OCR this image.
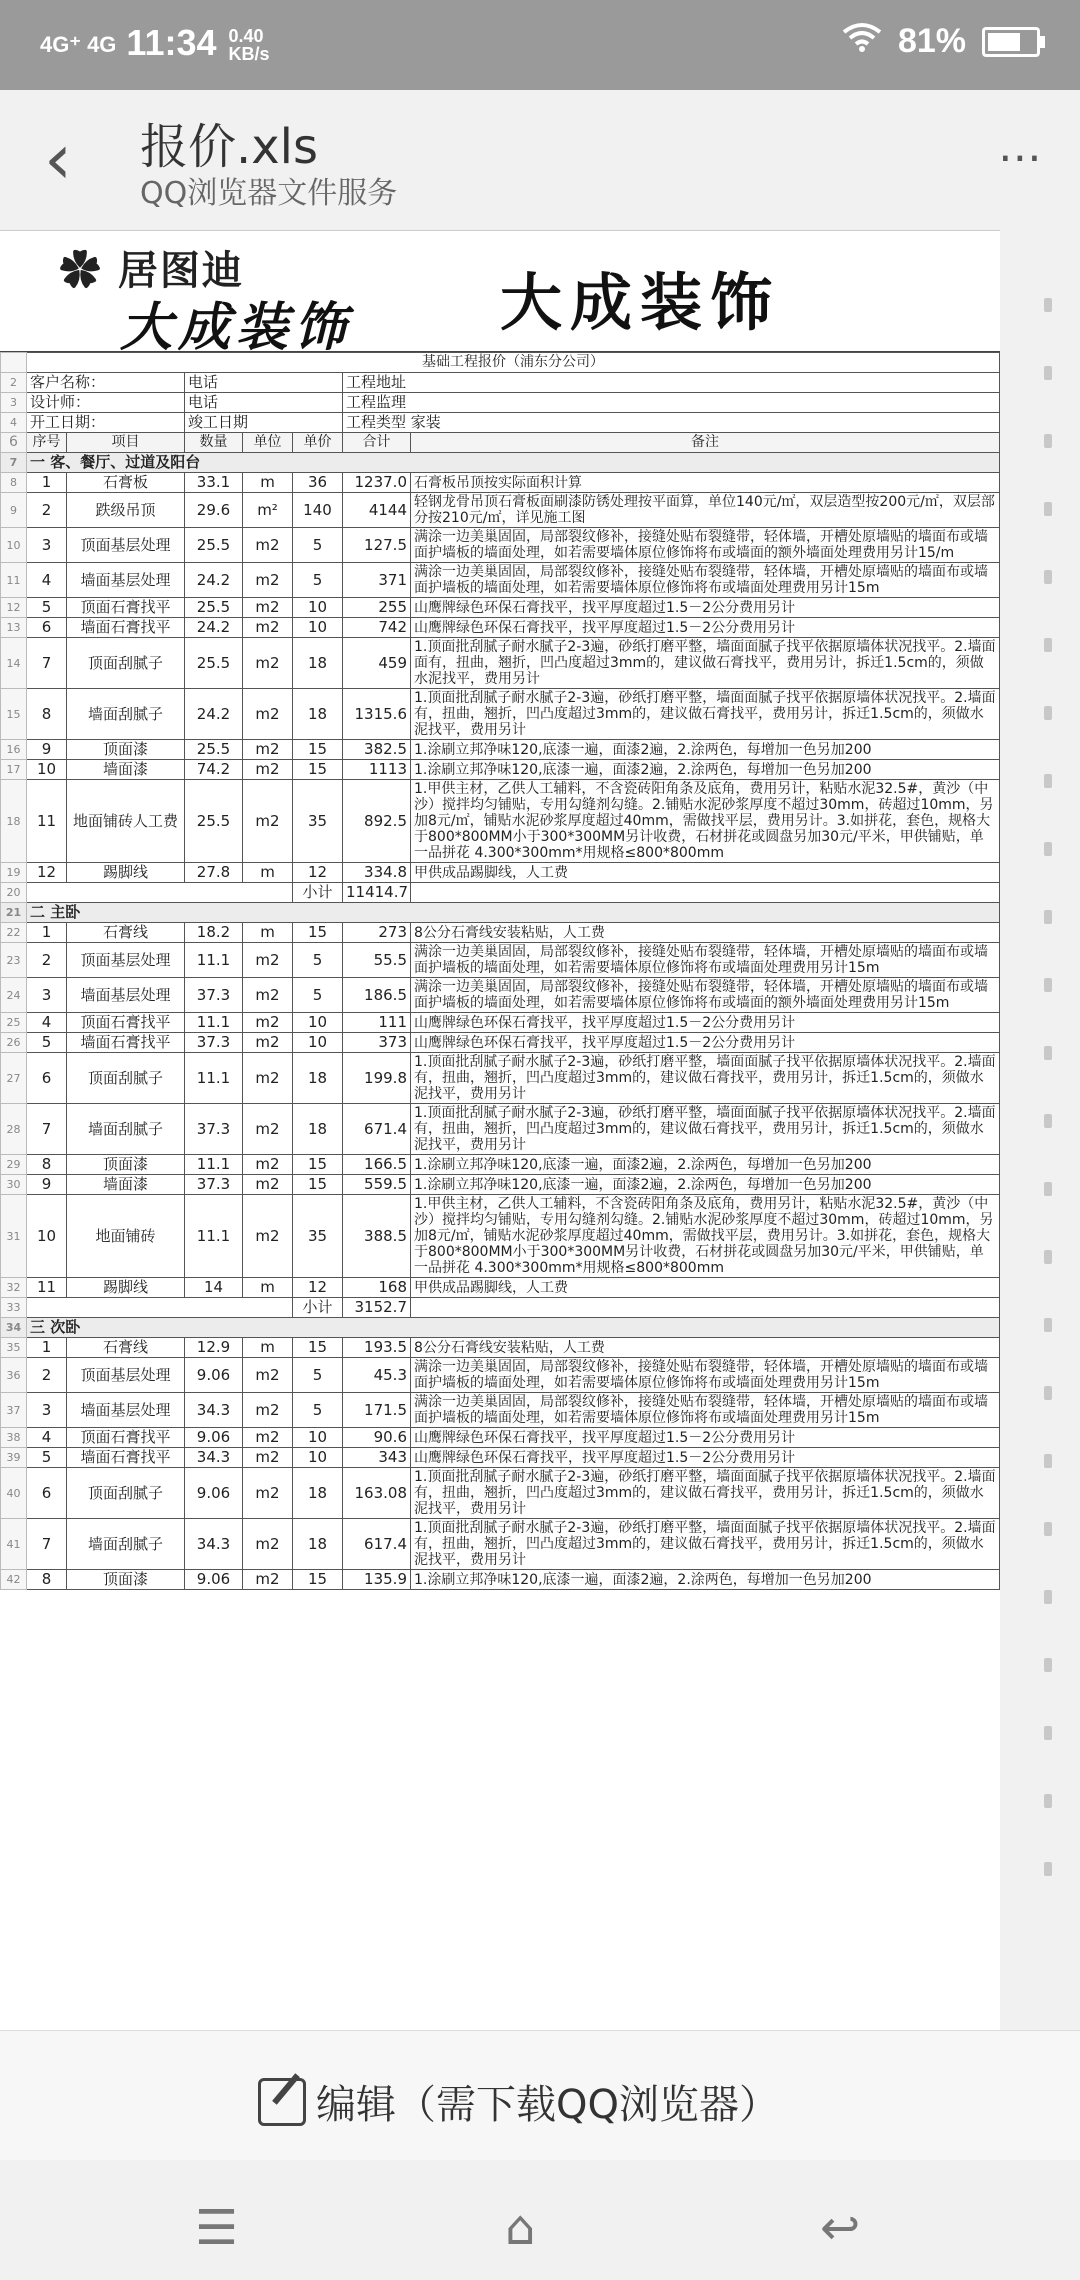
4G⁺ 4G 11:34 0.40
KB/s	81%
‹	报价.xls
QQ浏览器文件服务
⋯
✿ 居图迪
大成装饰 大成装饰
	基础工程报价（浦东分公司）						
2	客户名称：		电话			工程地址	
3	设计师：		电话			工程监理	
4	开工日期：		竣工日期			工程类型 家装	
6	序号	项目	数量	单位	单价	合计	备注
7	一 客、餐厅、过道及阳台						
8	1	石膏板	33.1	m	36	1237.0	石膏板吊顶按实际面积计算
9	2	跌级吊顶	29.6	m²	140	4144	轻钢龙骨吊顶石膏板面刷漆防锈处理按平面算，单位140元/㎡，双层造型按200元/㎡，双层部分按210元/㎡，详见施工图
10	3	顶面基层处理	25.5	m2	5	127.5	满涂一边美巢固固，局部裂纹修补，接缝处贴布裂缝带，轻体墙，开槽处原墙贴的墙面布或墙面护墙板的墙面处理，如若需要墙体原位修饰将布或墙面的额外墙面处理费用另计15/m
11	4	墙面基层处理	24.2	m2	5	371	满涂一边美巢固固，局部裂纹修补，接缝处贴布裂缝带，轻体墙，开槽处原墙贴的墙面布或墙面护墙板的墙面处理，如若需要墙体原位修饰将布或墙面处理费用另计15m
12	5	顶面石膏找平	25.5	m2	10	255	山鹰牌绿色环保石膏找平，找平厚度超过1.5－2公分费用另计
13	6	墙面石膏找平	24.2	m2	10	742	山鹰牌绿色环保石膏找平，找平厚度超过1.5－2公分费用另计
14	7	顶面刮腻子	25.5	m2	18	459	1.顶面批刮腻子耐水腻子2-3遍，砂纸打磨平整，墙面面腻子找平依据原墙体状况找平。2.墙面面有，扭曲，翘折，凹凸度超过3mm的，建议做石膏找平，费用另计，拆迁1.5cm的，须做水泥找平，费用另计
15	8	墙面刮腻子	24.2	m2	18	1315.6	1.顶面批刮腻子耐水腻子2-3遍，砂纸打磨平整，墙面面腻子找平依据原墙体状况找平。2.墙面有，扭曲，翘折，凹凸度超过3mm的，建议做石膏找平，费用另计，拆迁1.5cm的，须做水泥找平，费用另计
16	9	顶面漆	25.5	m2	15	382.5	1.涂刷立邦净味120,底漆一遍，面漆2遍，2.涂两色，每增加一色另加200
17	10	墙面漆	74.2	m2	15	1113	1.涂刷立邦净味120,底漆一遍，面漆2遍，2.涂两色，每增加一色另加200
18	11	地面铺砖人工费	25.5	m2	35	892.5	1.甲供主材，乙供人工辅料，不含瓷砖阳角条及底角，费用另计，粘贴水泥32.5#，黄沙（中沙）搅拌均匀铺贴，专用勾缝剂勾缝。2.铺贴水泥砂浆厚度不超过30mm，砖超过10mm，另加8元/㎡，铺贴水泥砂浆厚度超过40mm，需做找平层，费用另计。3.如拼花，套色，规格大于800*800MM小于300*300MM另计收费，石材拼花或圆盘另加30元/平米，甲供铺贴，单一品拼花 4.300*300mm*用规格≤800*800mm
19	12	踢脚线	27.8	m	12	334.8	甲供成品踢脚线，人工费
20					小计	11414.7	
21	二 主卧						
22	1	石膏线	18.2	m	15	273	8公分石膏线安装粘贴，人工费
23	2	顶面基层处理	11.1	m2	5	55.5	满涂一边美巢固固，局部裂纹修补，接缝处贴布裂缝带，轻体墙，开槽处原墙贴的墙面布或墙面护墙板的墙面处理，如若需要墙体原位修饰将布或墙面处理费用另计15m
24	3	墙面基层处理	37.3	m2	5	186.5	满涂一边美巢固固，局部裂纹修补，接缝处贴布裂缝带，轻体墙，开槽处原墙贴的墙面布或墙面护墙板的墙面处理，如若需要墙体原位修饰将布或墙面的额外墙面处理费用另计15m
25	4	顶面石膏找平	11.1	m2	10	111	山鹰牌绿色环保石膏找平，找平厚度超过1.5－2公分费用另计
26	5	墙面石膏找平	37.3	m2	10	373	山鹰牌绿色环保石膏找平，找平厚度超过1.5－2公分费用另计
27	6	顶面刮腻子	11.1	m2	18	199.8	1.顶面批刮腻子耐水腻子2-3遍，砂纸打磨平整，墙面面腻子找平依据原墙体状况找平。2.墙面有，扭曲，翘折，凹凸度超过3mm的，建议做石膏找平，费用另计，拆迁1.5cm的，须做水泥找平，费用另计
28	7	墙面刮腻子	37.3	m2	18	671.4	1.顶面批刮腻子耐水腻子2-3遍，砂纸打磨平整，墙面面腻子找平依据原墙体状况找平。2.墙面有，扭曲，翘折，凹凸度超过3mm的，建议做石膏找平，费用另计，拆迁1.5cm的，须做水泥找平，费用另计
29	8	顶面漆	11.1	m2	15	166.5	1.涂刷立邦净味120,底漆一遍，面漆2遍，2.涂两色，每增加一色另加200
30	9	墙面漆	37.3	m2	15	559.5	1.涂刷立邦净味120,底漆一遍，面漆2遍，2.涂两色，每增加一色另加200
31	10	地面铺砖	11.1	m2	35	388.5	1.甲供主材，乙供人工辅料，不含瓷砖阳角条及底角，费用另计，粘贴水泥32.5#，黄沙（中沙）搅拌均匀铺贴，专用勾缝剂勾缝。2.铺贴水泥砂浆厚度不超过30mm，砖超过10mm，另加8元/㎡，铺贴水泥砂浆厚度超过40mm，需做找平层，费用另计。3.如拼花，套色，规格大于800*800MM小于300*300MM另计收费，石材拼花或圆盘另加30元/平米，甲供铺贴，单一品拼花 4.300*300mm*用规格≤800*800mm
32	11	踢脚线	14	m	12	168	甲供成品踢脚线，人工费
33					小计	3152.7	
34	三 次卧						
35	1	石膏线	12.9	m	15	193.5	8公分石膏线安装粘贴，人工费
36	2	顶面基层处理	9.06	m2	5	45.3	满涂一边美巢固固，局部裂纹修补，接缝处贴布裂缝带，轻体墙，开槽处原墙贴的墙面布或墙面护墙板的墙面处理，如若需要墙体原位修饰将布或墙面处理费用另计15m
37	3	墙面基层处理	34.3	m2	5	171.5	满涂一边美巢固固，局部裂纹修补，接缝处贴布裂缝带，轻体墙，开槽处原墙贴的墙面布或墙面护墙板的墙面处理，如若需要墙体原位修饰将布或墙面处理费用另计15m
38	4	顶面石膏找平	9.06	m2	10	90.6	山鹰牌绿色环保石膏找平，找平厚度超过1.5－2公分费用另计
39	5	墙面石膏找平	34.3	m2	10	343	山鹰牌绿色环保石膏找平，找平厚度超过1.5－2公分费用另计
40	6	顶面刮腻子	9.06	m2	18	163.08	1.顶面批刮腻子耐水腻子2-3遍，砂纸打磨平整，墙面面腻子找平依据原墙体状况找平。2.墙面有，扭曲，翘折，凹凸度超过3mm的，建议做石膏找平，费用另计，拆迁1.5cm的，须做水泥找平，费用另计
41	7	墙面刮腻子	34.3	m2	18	617.4	1.顶面批刮腻子耐水腻子2-3遍，砂纸打磨平整，墙面面腻子找平依据原墙体状况找平。2.墙面有，扭曲，翘折，凹凸度超过3mm的，建议做石膏找平，费用另计，拆迁1.5cm的，须做水泥找平，费用另计
42	8	顶面漆	9.06	m2	15	135.9	1.涂刷立邦净味120,底漆一遍，面漆2遍，2.涂两色，每增加一色另加200
编辑（需下载QQ浏览器）
☰	⌂	↩
